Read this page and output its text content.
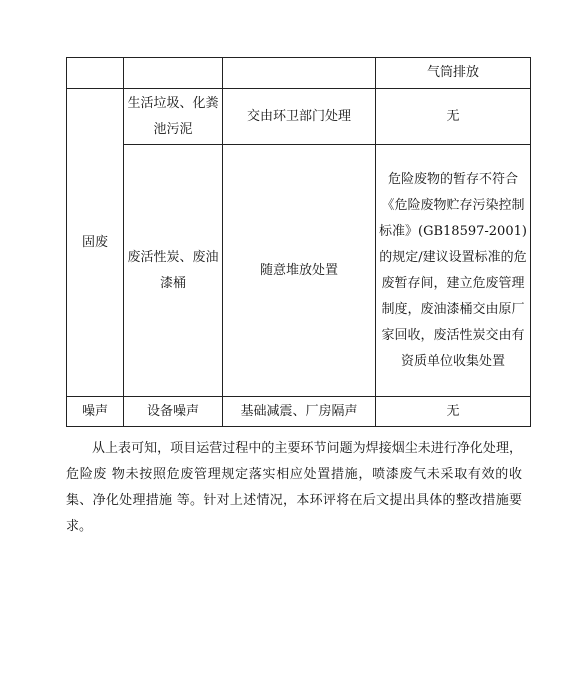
			气筒排放
固废	生活垃圾、化粪池污泥	交由环卫部门处理	无
	废活性炭、废油漆桶	随意堆放处置	危险废物的暂存不符合《危险废物贮存污染控制标准》(GB18597-2001)的规定/建议设置标准的危废暂存间，建立危废管理制度，废油漆桶交由原厂家回收，废活性炭交由有资质单位收集处置
噪声	设备噪声	基础减震、厂房隔声	无

从上表可知，项目运营过程中的主要环节问题为焊接烟尘未进行净化处理，危险废 物未按照危废管理规定落实相应处置措施，喷漆废气未采取有效的收集、净化处理措施 等。针对上述情况，本环评将在后文提出具体的整改措施要求。
